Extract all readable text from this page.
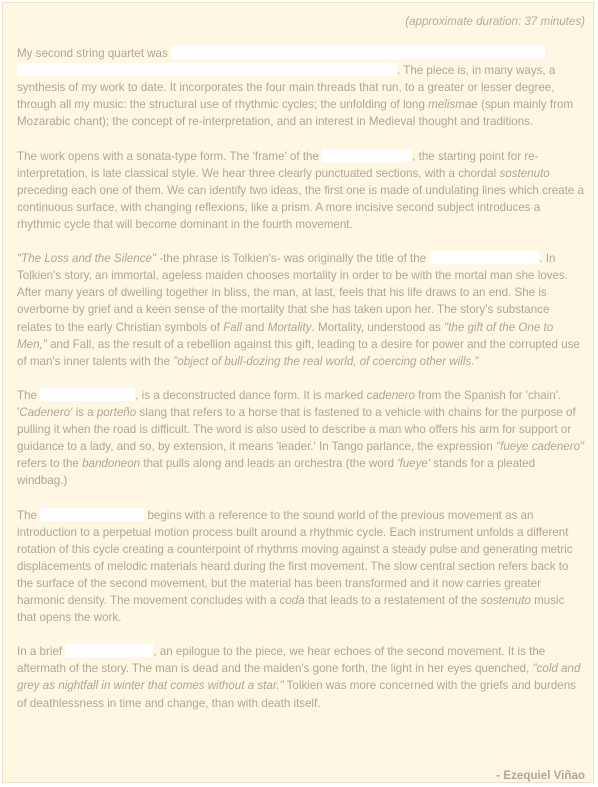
(approximate duration: 37 minutes)

My second string quartet was . The piece is, in many ways, a synthesis of my work to date. It incorporates the four main threads that run, to a greater or lesser degree, through all my music: the structural use of rhythmic cycles; the unfolding of long melismae (spun mainly from Mozarabic chant); the concept of re-interpretation, and an interest in Medieval thought and traditions.

The work opens with a sonata-type form. The 'frame' of the	, the starting point for re-interpretation, is late classical style. We hear three clearly punctuated sections, with a chordal sostenuto preceding each one of them. We can identify two ideas, the first one is made of undulating lines which create a continuous surface, with changing reflexions, like a prism. A more incisive second subject introduces a rhythmic cycle that will become dominant in the fourth movement.

"The Loss and the Silence" -the phrase is Tolkien's- was originally the title of the	. In Tolkien's story, an immortal, ageless maiden chooses mortality in order to be with the mortal man she loves. After many years of dwelling together in bliss, the man, at last, feels that his life draws to an end. She is overborne by grief and a keen sense of the mortality that she has taken upon her. The story's substance relates to the early Christian symbols of Fall and Mortality. Mortality, understood as "the gift of the One to Men," and Fall, as the result of a rebellion against this gift, leading to a desire for power and the corrupted use of man's inner talents with the "object of bull-dozing the real world, of coercing other wills."

The	, is a deconstructed dance form. It is marked cadenero from the Spanish for 'chain'. 'Cadenero' is a porteño slang that refers to a horse that is fastened to a vehicle with chains for the purpose of pulling it when the road is difficult. The word is also used to describe a man who offers his arm for support or guidance to a lady, and so, by extension, it means 'leader.' In Tango parlance, the expression "fueye cadenero" refers to the bandoneon that pulls along and leads an orchestra (the word 'fueye' stands for a pleated windbag.)

The	begins with a reference to the sound world of the previous movement as an introduction to a perpetual motion process built around a rhythmic cycle. Each instrument unfolds a different rotation of this cycle creating a counterpoint of rhythms moving against a steady pulse and generating metric displacements of melodic materials heard during the first movement. The slow central section refers back to the surface of the second movement, but the material has been transformed and it now carries greater harmonic density. The movement concludes with a coda that leads to a restatement of the sostenuto music that opens the work.

In a brief	, an epilogue to the piece, we hear echoes of the second movement. It is the aftermath of the story. The man is dead and the maiden's gone forth, the light in her eyes quenched, "cold and grey as nightfall in winter that comes without a star." Tolkien was more concerned with the griefs and burdens of deathlessness in time and change, than with death itself.

- Ezequiel Viñao
